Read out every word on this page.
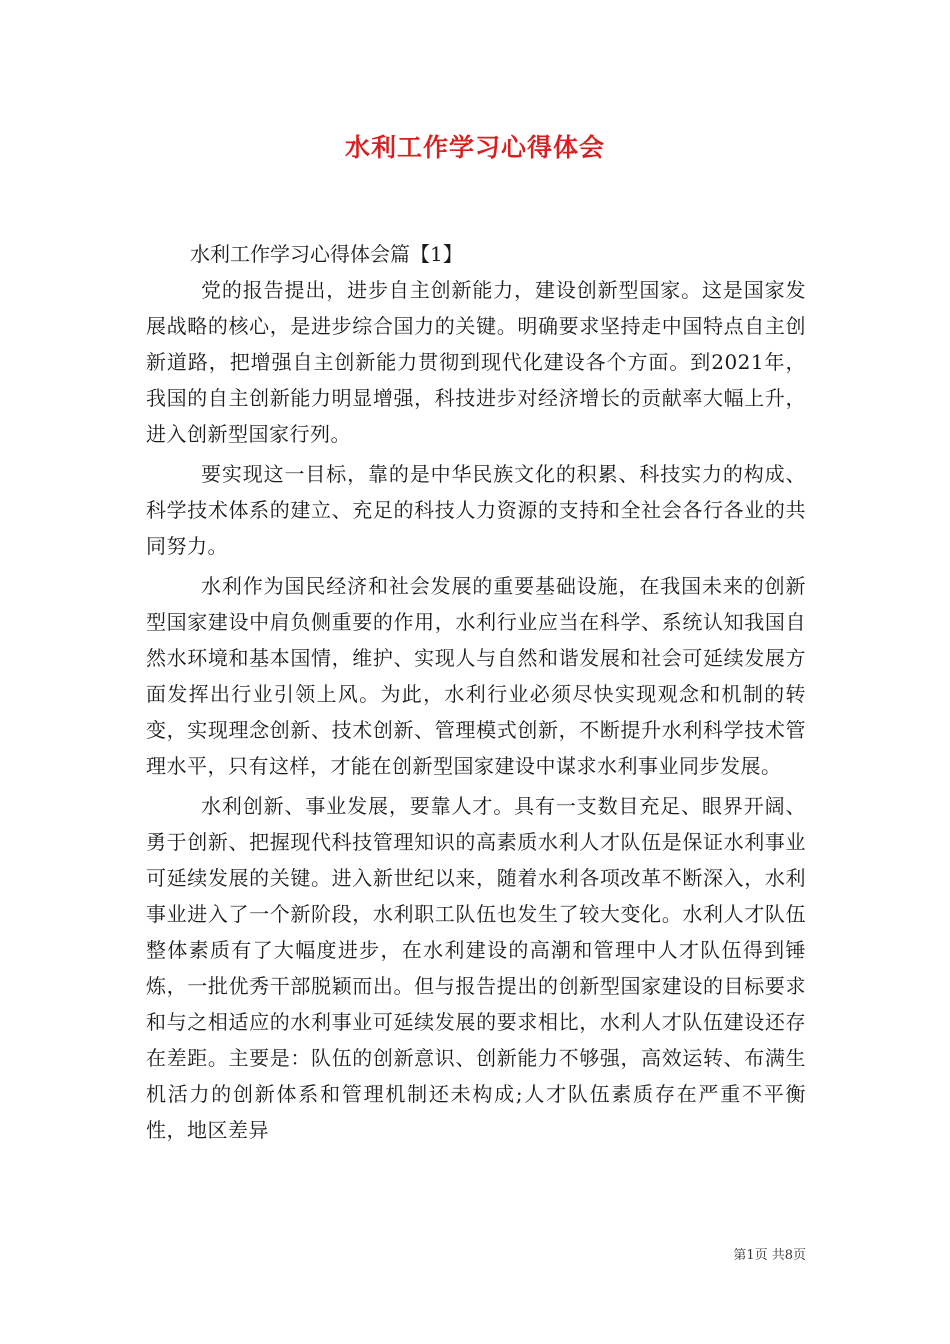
水利工作学习心得体会

水利工作学习心得体会篇【1】

党的报告提出，进步自主创新能力，建设创新型国家。这是国家发展战略的核心，是进步综合国力的关键。明确要求坚持走中国特点自主创新道路，把增强自主创新能力贯彻到现代化建设各个方面。到2021年，我国的自主创新能力明显增强，科技进步对经济增长的贡献率大幅上升，进入创新型国家行列。

要实现这一目标，靠的是中华民族文化的积累、科技实力的构成、科学技术体系的建立、充足的科技人力资源的支持和全社会各行各业的共同努力。

水利作为国民经济和社会发展的重要基础设施，在我国未来的创新型国家建设中肩负侧重要的作用，水利行业应当在科学、系统认知我国自然水环境和基本国情，维护、实现人与自然和谐发展和社会可延续发展方面发挥出行业引领上风。为此，水利行业必须尽快实现观念和机制的转变，实现理念创新、技术创新、管理模式创新，不断提升水利科学技术管理水平，只有这样，才能在创新型国家建设中谋求水利事业同步发展。

水利创新、事业发展，要靠人才。具有一支数目充足、眼界开阔、勇于创新、把握现代科技管理知识的高素质水利人才队伍是保证水利事业可延续发展的关键。进入新世纪以来，随着水利各项改革不断深入，水利事业进入了一个新阶段，水利职工队伍也发生了较大变化。水利人才队伍整体素质有了大幅度进步，在水利建设的高潮和管理中人才队伍得到锤炼，一批优秀干部脱颖而出。但与报告提出的创新型国家建设的目标要求和与之相适应的水利事业可延续发展的要求相比，水利人才队伍建设还存在差距。主要是：队伍的创新意识、创新能力不够强，高效运转、布满生机活力的创新体系和管理机制还未构成;人才队伍素质存在严重不平衡性，地区差异

第1页 共8页
